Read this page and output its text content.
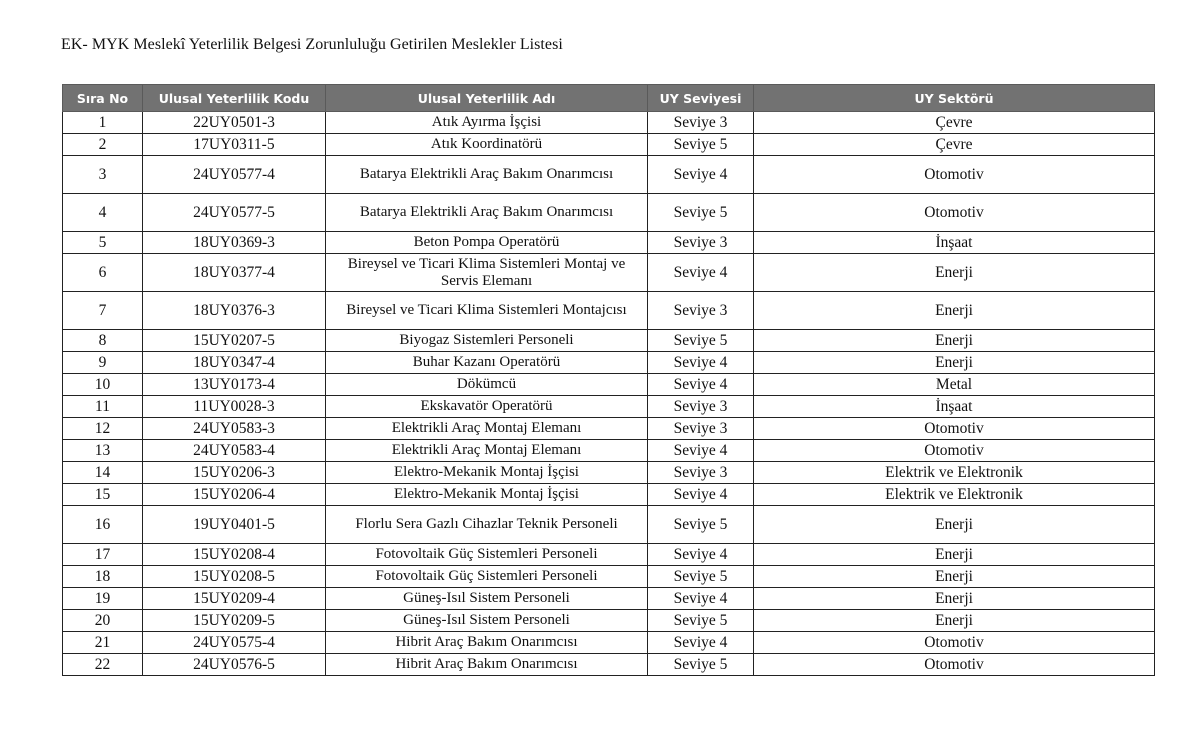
EK- MYK Meslekî Yeterlilik Belgesi Zorunluluğu Getirilen Meslekler Listesi
Sıra No	Ulusal Yeterlilik Kodu	Ulusal Yeterlilik Adı	UY Seviyesi	UY Sektörü
1	22UY0501-3	Atık Ayırma İşçisi	Seviye 3	Çevre
2	17UY0311-5	Atık Koordinatörü	Seviye 5	Çevre
3	24UY0577-4	Batarya Elektrikli Araç Bakım Onarımcısı	Seviye 4	Otomotiv
4	24UY0577-5	Batarya Elektrikli Araç Bakım Onarımcısı	Seviye 5	Otomotiv
5	18UY0369-3	Beton Pompa Operatörü	Seviye 3	İnşaat
6	18UY0377-4	Bireysel ve Ticari Klima Sistemleri Montaj ve Servis Elemanı	Seviye 4	Enerji
7	18UY0376-3	Bireysel ve Ticari Klima Sistemleri Montajcısı	Seviye 3	Enerji
8	15UY0207-5	Biyogaz Sistemleri Personeli	Seviye 5	Enerji
9	18UY0347-4	Buhar Kazanı Operatörü	Seviye 4	Enerji
10	13UY0173-4	Dökümcü	Seviye 4	Metal
11	11UY0028-3	Ekskavatör Operatörü	Seviye 3	İnşaat
12	24UY0583-3	Elektrikli Araç Montaj Elemanı	Seviye 3	Otomotiv
13	24UY0583-4	Elektrikli Araç Montaj Elemanı	Seviye 4	Otomotiv
14	15UY0206-3	Elektro-Mekanik Montaj İşçisi	Seviye 3	Elektrik ve Elektronik
15	15UY0206-4	Elektro-Mekanik Montaj İşçisi	Seviye 4	Elektrik ve Elektronik
16	19UY0401-5	Florlu Sera Gazlı Cihazlar Teknik Personeli	Seviye 5	Enerji
17	15UY0208-4	Fotovoltaik Güç Sistemleri Personeli	Seviye 4	Enerji
18	15UY0208-5	Fotovoltaik Güç Sistemleri Personeli	Seviye 5	Enerji
19	15UY0209-4	Güneş-Isıl Sistem Personeli	Seviye 4	Enerji
20	15UY0209-5	Güneş-Isıl Sistem Personeli	Seviye 5	Enerji
21	24UY0575-4	Hibrit Araç Bakım Onarımcısı	Seviye 4	Otomotiv
22	24UY0576-5	Hibrit Araç Bakım Onarımcısı	Seviye 5	Otomotiv
